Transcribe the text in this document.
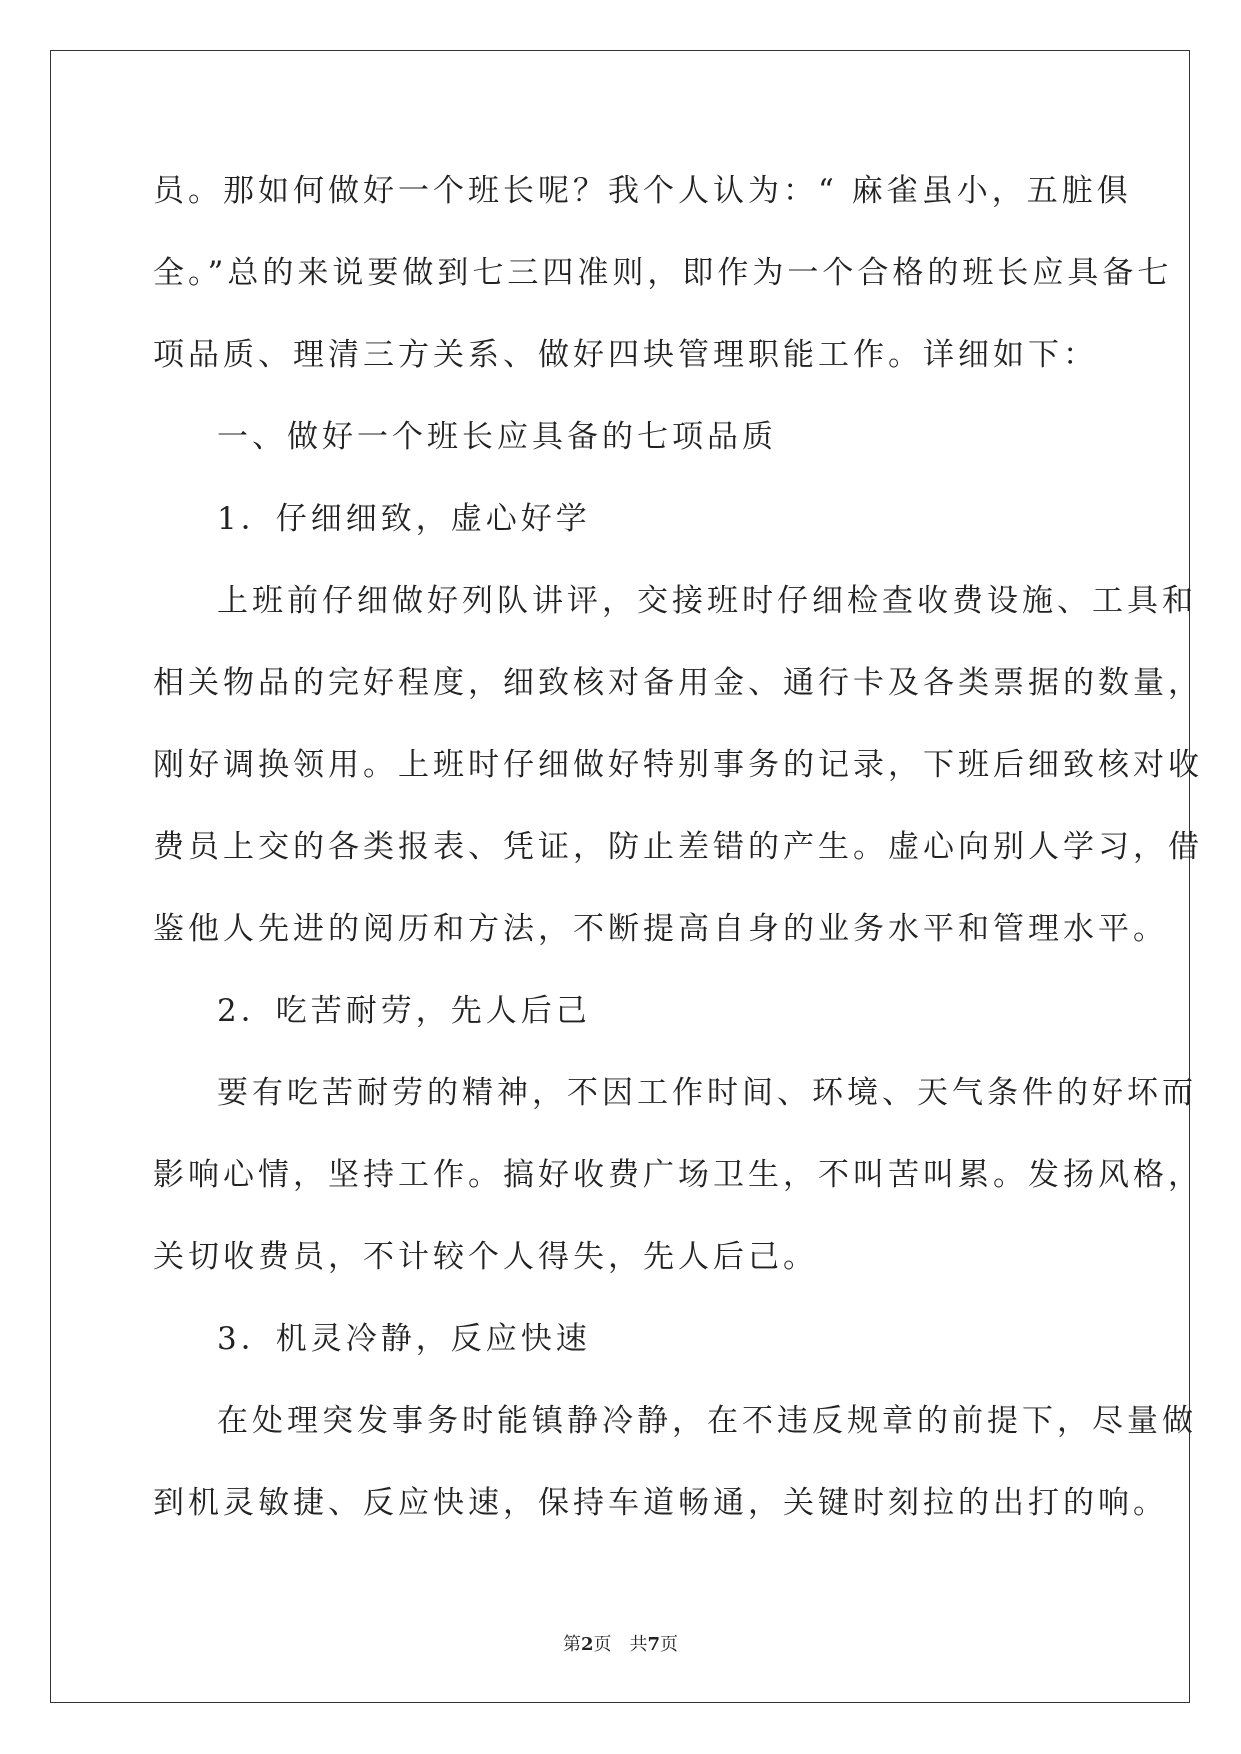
员。那如何做好一个班长呢？我个人认为：“ 麻雀虽小，五脏俱

全。”总的来说要做到七三四准则，即作为一个合格的班长应具备七

项品质、理清三方关系、做好四块管理职能工作。详细如下：

一、做好一个班长应具备的七项品质

1．仔细细致，虚心好学

上班前仔细做好列队讲评，交接班时仔细检查收费设施、工具和

相关物品的完好程度，细致核对备用金、通行卡及各类票据的数量，

刚好调换领用。上班时仔细做好特别事务的记录，下班后细致核对收

费员上交的各类报表、凭证，防止差错的产生。虚心向别人学习，借

鉴他人先进的阅历和方法，不断提高自身的业务水平和管理水平。

2．吃苦耐劳，先人后己

要有吃苦耐劳的精神，不因工作时间、环境、天气条件的好坏而

影响心情，坚持工作。搞好收费广场卫生，不叫苦叫累。发扬风格，

关切收费员，不计较个人得失，先人后己。

3．机灵冷静，反应快速

在处理突发事务时能镇静冷静，在不违反规章的前提下，尽量做

到机灵敏捷、反应快速，保持车道畅通，关键时刻拉的出打的响。

第2页　共7页
